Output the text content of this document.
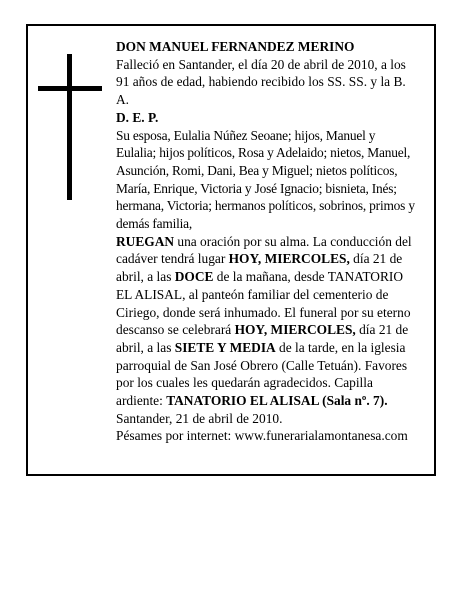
DON MANUEL FERNANDEZ MERINO

Falleció en Santander, el día 20 de abril de 2010, a los 91 años de edad, habiendo recibido los SS. SS. y la B. A.

D. E. P.

Su esposa, Eulalia Núñez Seoane; hijos, Manuel y Eulalia; hijos políticos, Rosa y Adelaido; nietos, Manuel, Asunción, Romi, Dani, Bea y Miguel; nietos políticos, María, Enrique, Victoria y José Ignacio; bisnieta, Inés; hermana, Victoria; hermanos políticos, sobrinos, primos y demás familia,

RUEGAN una oración por su alma. La conducción del cadáver tendrá lugar HOY, MIERCOLES, día 21 de abril, a las DOCE de la mañana, desde TANATORIO EL ALISAL, al panteón familiar del cementerio de Ciriego, donde será inhumado. El funeral por su eterno descanso se celebrará HOY, MIERCOLES, día 21 de abril, a las SIETE Y MEDIA de la tarde, en la iglesia parroquial de San José Obrero (Calle Tetuán). Favores por los cuales les quedarán agradecidos. Capilla ardiente: TANATORIO EL ALISAL (Sala nº. 7).

Santander, 21 de abril de 2010.

Pésames por internet: www.funerarialamontanesa.com
